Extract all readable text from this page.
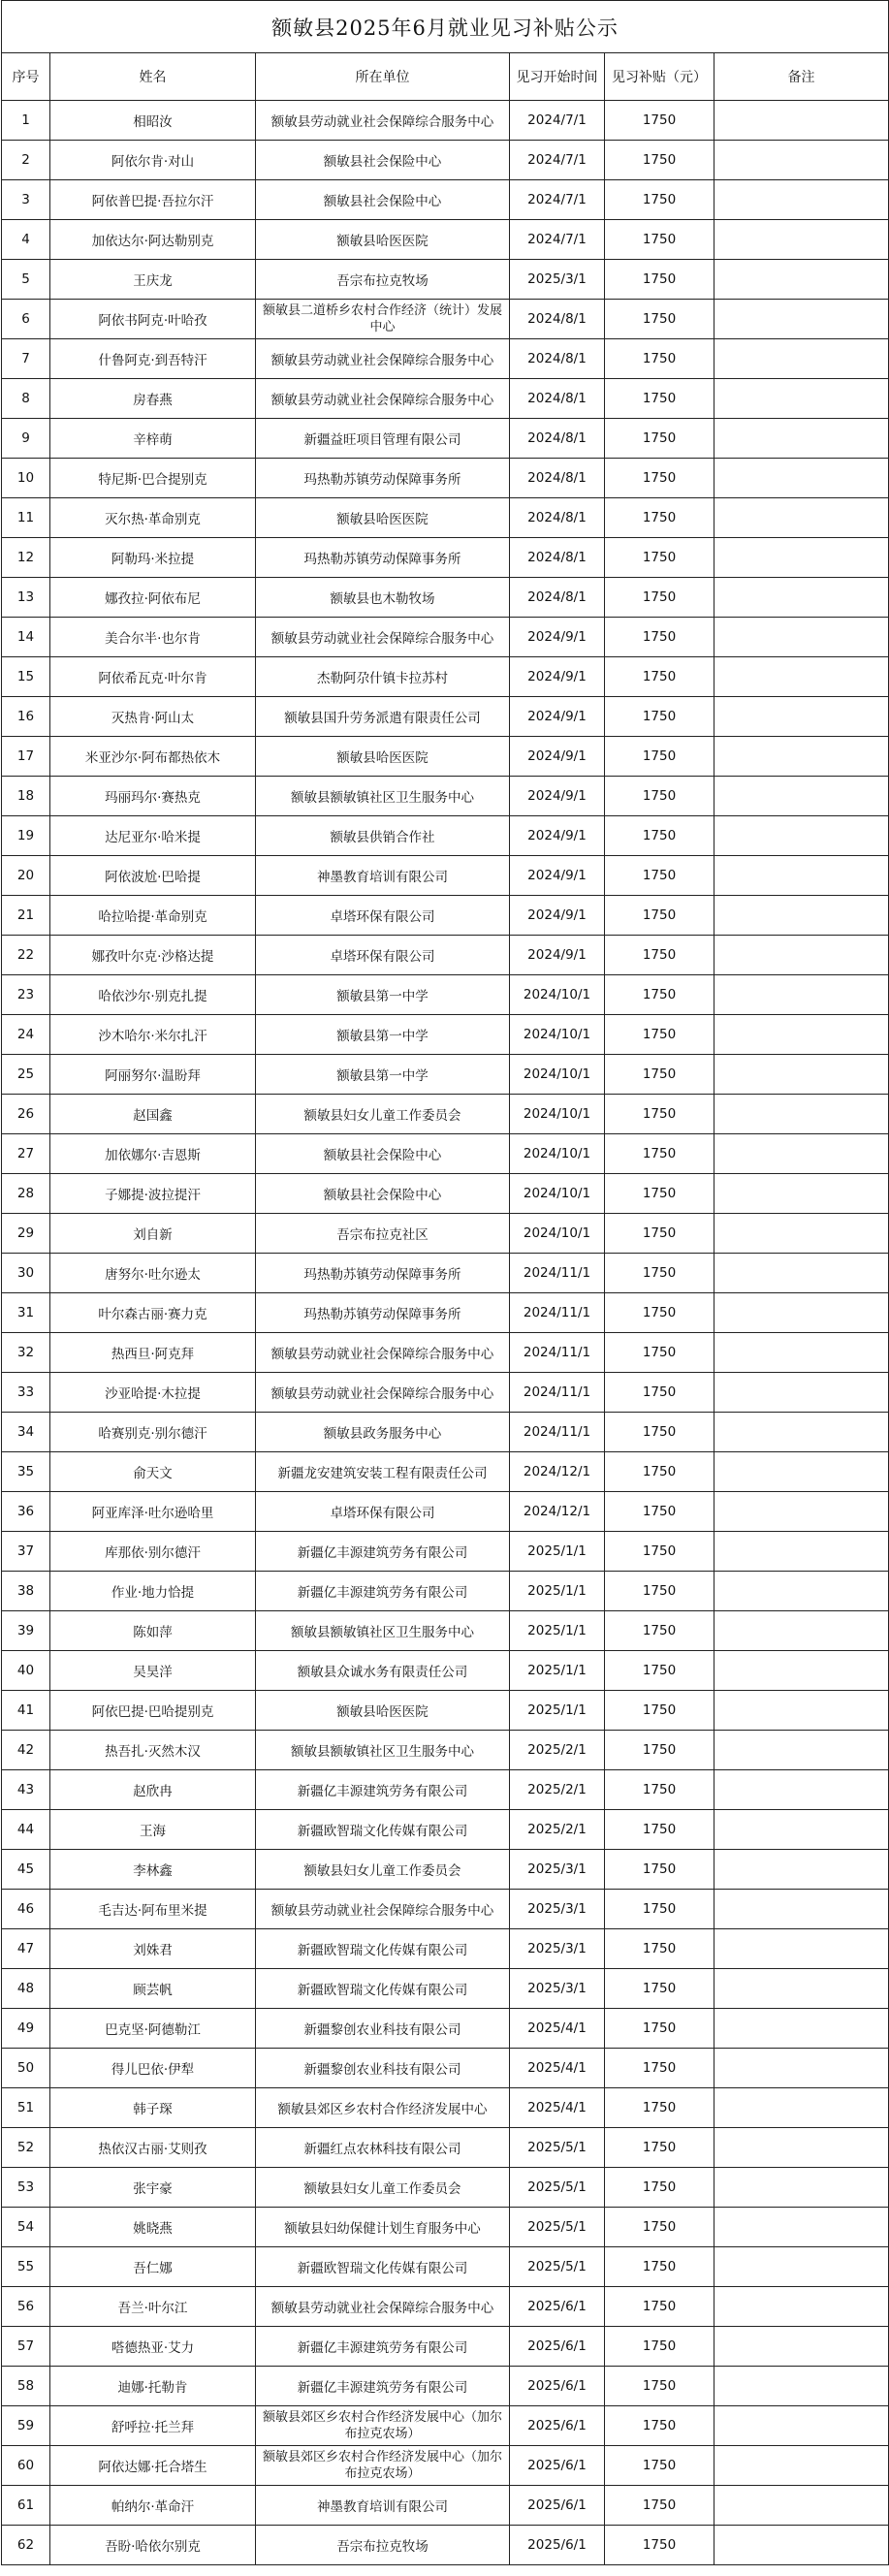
额敏县2025年6月就业见习补贴公示					
序号	姓名	所在单位	见习开始时间	见习补贴（元）	备注
1	相昭汝	额敏县劳动就业社会保障综合服务中心	2024/7/1	1750	
2	阿依尔肯·对山	额敏县社会保险中心	2024/7/1	1750	
3	阿依普巴提·吾拉尔汗	额敏县社会保险中心	2024/7/1	1750	
4	加依达尔·阿达勒别克	额敏县哈医医院	2024/7/1	1750	
5	王庆龙	吾宗布拉克牧场	2025/3/1	1750	
6	阿依书阿克·叶哈孜	额敏县二道桥乡农村合作经济（统计）发展中心	2024/8/1	1750	
7	什鲁阿克·到吾特汗	额敏县劳动就业社会保障综合服务中心	2024/8/1	1750	
8	房春燕	额敏县劳动就业社会保障综合服务中心	2024/8/1	1750	
9	辛梓萌	新疆益旺项目管理有限公司	2024/8/1	1750	
10	特尼斯·巴合提别克	玛热勒苏镇劳动保障事务所	2024/8/1	1750	
11	灭尔热·革命别克	额敏县哈医医院	2024/8/1	1750	
12	阿勒玛·米拉提	玛热勒苏镇劳动保障事务所	2024/8/1	1750	
13	娜孜拉·阿依布尼	额敏县也木勒牧场	2024/8/1	1750	
14	美合尔半·也尔肯	额敏县劳动就业社会保障综合服务中心	2024/9/1	1750	
15	阿依希瓦克·叶尔肯	杰勒阿尕什镇卡拉苏村	2024/9/1	1750	
16	灭热肯·阿山太	额敏县国升劳务派遣有限责任公司	2024/9/1	1750	
17	米亚沙尔·阿布都热依木	额敏县哈医医院	2024/9/1	1750	
18	玛丽玛尔·赛热克	额敏县额敏镇社区卫生服务中心	2024/9/1	1750	
19	达尼亚尔·哈米提	额敏县供销合作社	2024/9/1	1750	
20	阿依波尬·巴哈提	神墨教育培训有限公司	2024/9/1	1750	
21	哈拉哈提·革命别克	卓塔环保有限公司	2024/9/1	1750	
22	娜孜叶尔克·沙格达提	卓塔环保有限公司	2024/9/1	1750	
23	哈依沙尔·别克扎提	额敏县第一中学	2024/10/1	1750	
24	沙木哈尔·米尔扎汗	额敏县第一中学	2024/10/1	1750	
25	阿丽努尔·温盼拜	额敏县第一中学	2024/10/1	1750	
26	赵国鑫	额敏县妇女儿童工作委员会	2024/10/1	1750	
27	加依娜尔·吉恩斯	额敏县社会保险中心	2024/10/1	1750	
28	子娜提·波拉提汗	额敏县社会保险中心	2024/10/1	1750	
29	刘自新	吾宗布拉克社区	2024/10/1	1750	
30	唐努尔·吐尔逊太	玛热勒苏镇劳动保障事务所	2024/11/1	1750	
31	叶尔森古丽·赛力克	玛热勒苏镇劳动保障事务所	2024/11/1	1750	
32	热西旦·阿克拜	额敏县劳动就业社会保障综合服务中心	2024/11/1	1750	
33	沙亚哈提·木拉提	额敏县劳动就业社会保障综合服务中心	2024/11/1	1750	
34	哈赛别克·别尔德汗	额敏县政务服务中心	2024/11/1	1750	
35	俞天文	新疆龙安建筑安装工程有限责任公司	2024/12/1	1750	
36	阿亚库泽·吐尔逊哈里	卓塔环保有限公司	2024/12/1	1750	
37	库那依·别尔德汗	新疆亿丰源建筑劳务有限公司	2025/1/1	1750	
38	作业·地力恰提	新疆亿丰源建筑劳务有限公司	2025/1/1	1750	
39	陈如萍	额敏县额敏镇社区卫生服务中心	2025/1/1	1750	
40	吴昊洋	额敏县众诚水务有限责任公司	2025/1/1	1750	
41	阿依巴提·巴哈提别克	额敏县哈医医院	2025/1/1	1750	
42	热吾扎·灭然木汉	额敏县额敏镇社区卫生服务中心	2025/2/1	1750	
43	赵欣冉	新疆亿丰源建筑劳务有限公司	2025/2/1	1750	
44	王海	新疆欧智瑞文化传媒有限公司	2025/2/1	1750	
45	李林鑫	额敏县妇女儿童工作委员会	2025/3/1	1750	
46	毛吉达·阿布里米提	额敏县劳动就业社会保障综合服务中心	2025/3/1	1750	
47	刘姝君	新疆欧智瑞文化传媒有限公司	2025/3/1	1750	
48	顾芸帆	新疆欧智瑞文化传媒有限公司	2025/3/1	1750	
49	巴克坚·阿德勒江	新疆黎创农业科技有限公司	2025/4/1	1750	
50	得儿巴依·伊犁	新疆黎创农业科技有限公司	2025/4/1	1750	
51	韩子琛	额敏县郊区乡农村合作经济发展中心	2025/4/1	1750	
52	热依汉古丽·艾则孜	新疆红点农林科技有限公司	2025/5/1	1750	
53	张宇豪	额敏县妇女儿童工作委员会	2025/5/1	1750	
54	姚晓燕	额敏县妇幼保健计划生育服务中心	2025/5/1	1750	
55	吾仁娜	新疆欧智瑞文化传媒有限公司	2025/5/1	1750	
56	吾兰·叶尔江	额敏县劳动就业社会保障综合服务中心	2025/6/1	1750	
57	嗒德热亚·艾力	新疆亿丰源建筑劳务有限公司	2025/6/1	1750	
58	迪娜·托勒肯	新疆亿丰源建筑劳务有限公司	2025/6/1	1750	
59	舒呼拉·托兰拜	额敏县郊区乡农村合作经济发展中心（加尔布拉克农场）	2025/6/1	1750	
60	阿依达娜·托合塔生	额敏县郊区乡农村合作经济发展中心（加尔布拉克农场）	2025/6/1	1750	
61	帕纳尔·革命汗	神墨教育培训有限公司	2025/6/1	1750	
62	吾盼·哈依尔别克	吾宗布拉克牧场	2025/6/1	1750	
